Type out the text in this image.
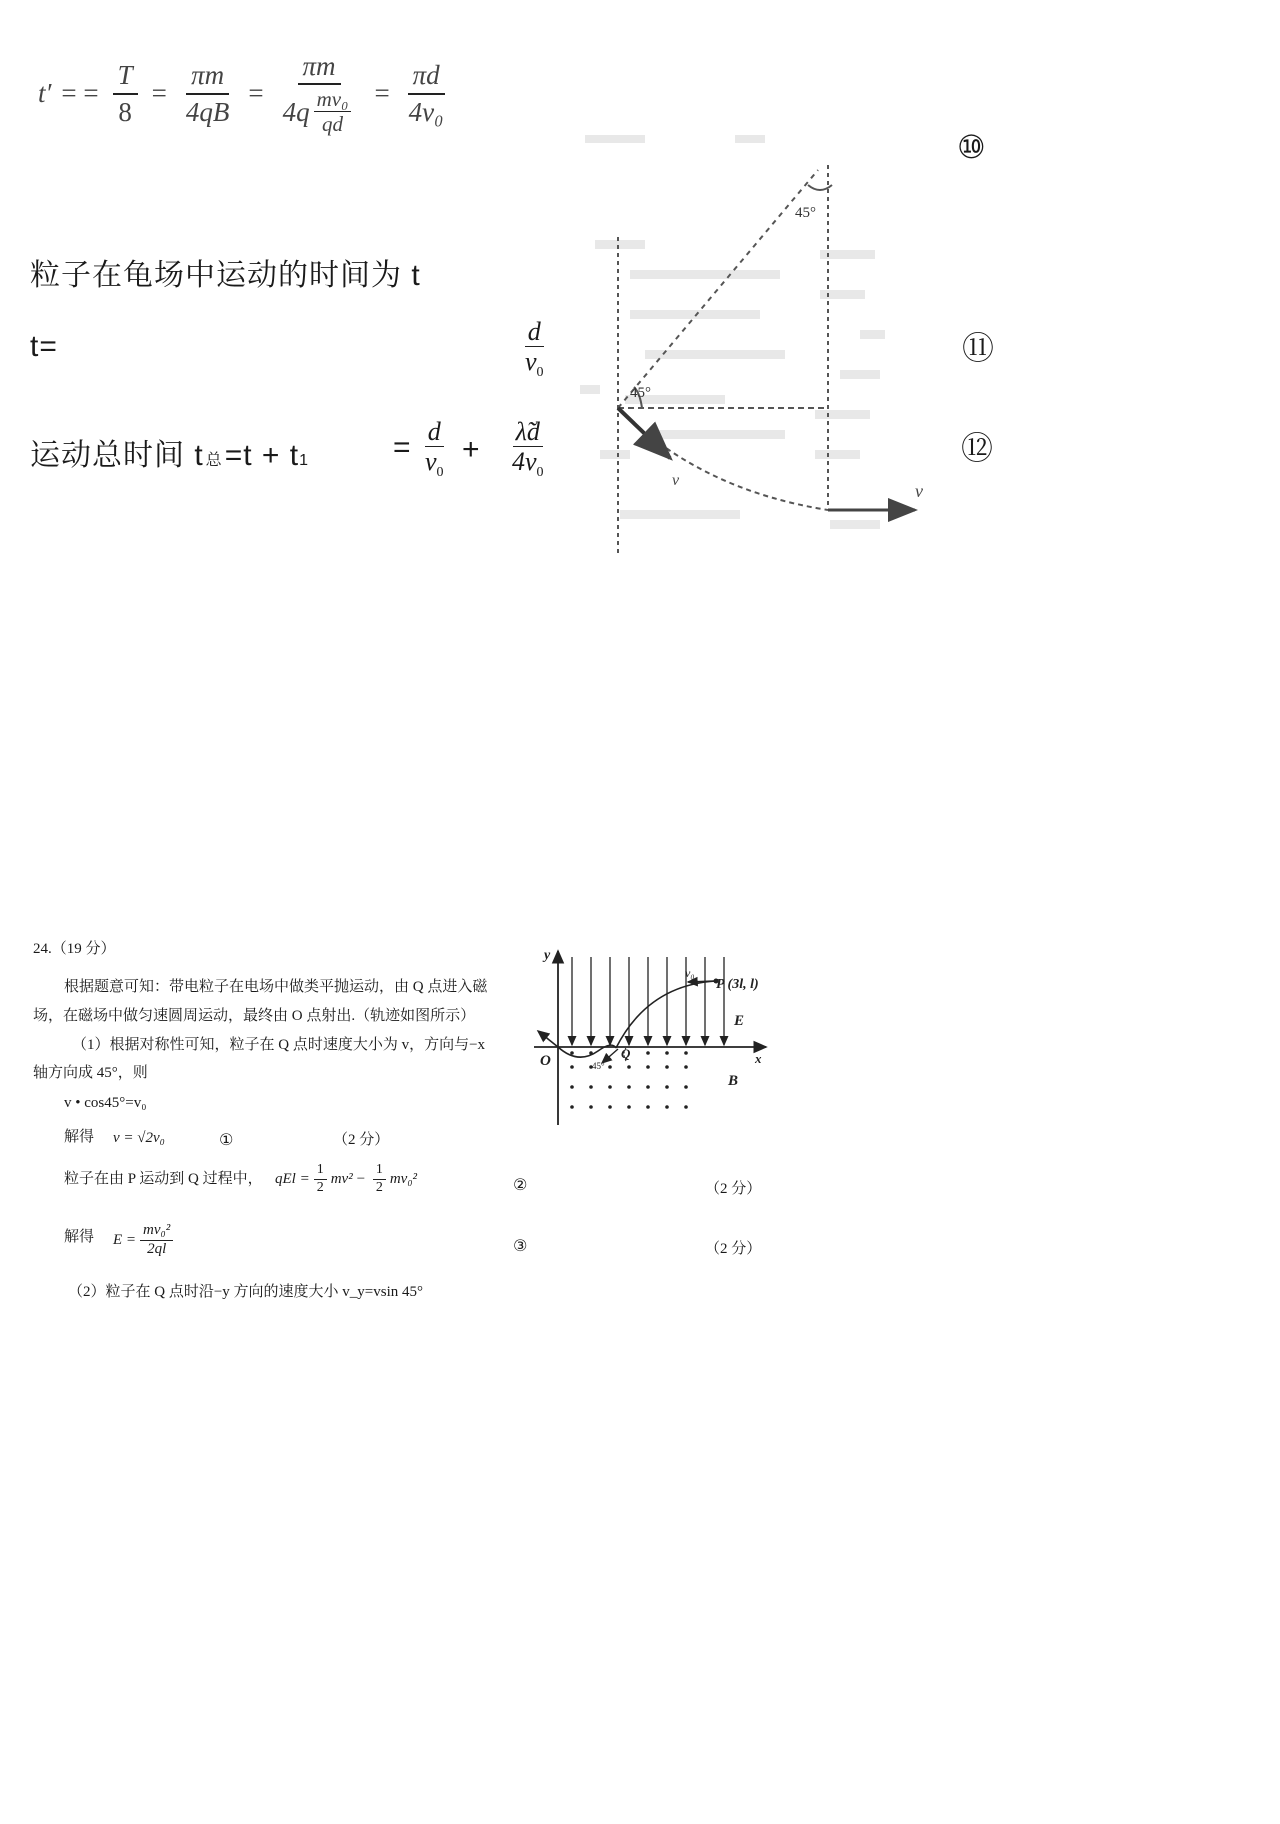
t′ = = $\frac{T}{8} = \frac{\pi m}{4qB} = \frac{\pi m}{4q \frac{\text{mv₀}}{qd}} = \frac{\pi d}{\text{4v₀}}$
⑩
粒子在龟场中运动的时间为 t
t=	$\frac{d}{v_0}$	⑪
运动总时间 $t_总 =t + t$ 1	= $\frac{d}{v_0} + \frac{\lambdãd}{4v_0}$	⑫
45°
45°
v
v
24.（19 分）
根据题意可知：带电粒子在电场中做类平抛运动，由 Q 点进入磁
场，在磁场中做匀速圆周运动，最终由 O 点射出.（轨迹如图所示）
（1）根据对称性可知，粒子在 Q 点时速度大小为 v，方向与−x
轴方向成 45°，则
v • cos45°=v₀
解得 v = √2v₀	①	（2 分）
粒子在由 P 运动到 Q 过程中， qEl = $\frac{1}{2} mv^2 - \frac{1}{2} mv_0^2$	②	（2 分）
解得 $E = \frac{\text{mv₀²}}{2ql}$	③	（2 分）
（2）粒子在 Q 点时沿−y 方向的速度大小 v_y=vsin 45°
y
x
O	Q
P (3l, l)
v₀
E
B
45°
